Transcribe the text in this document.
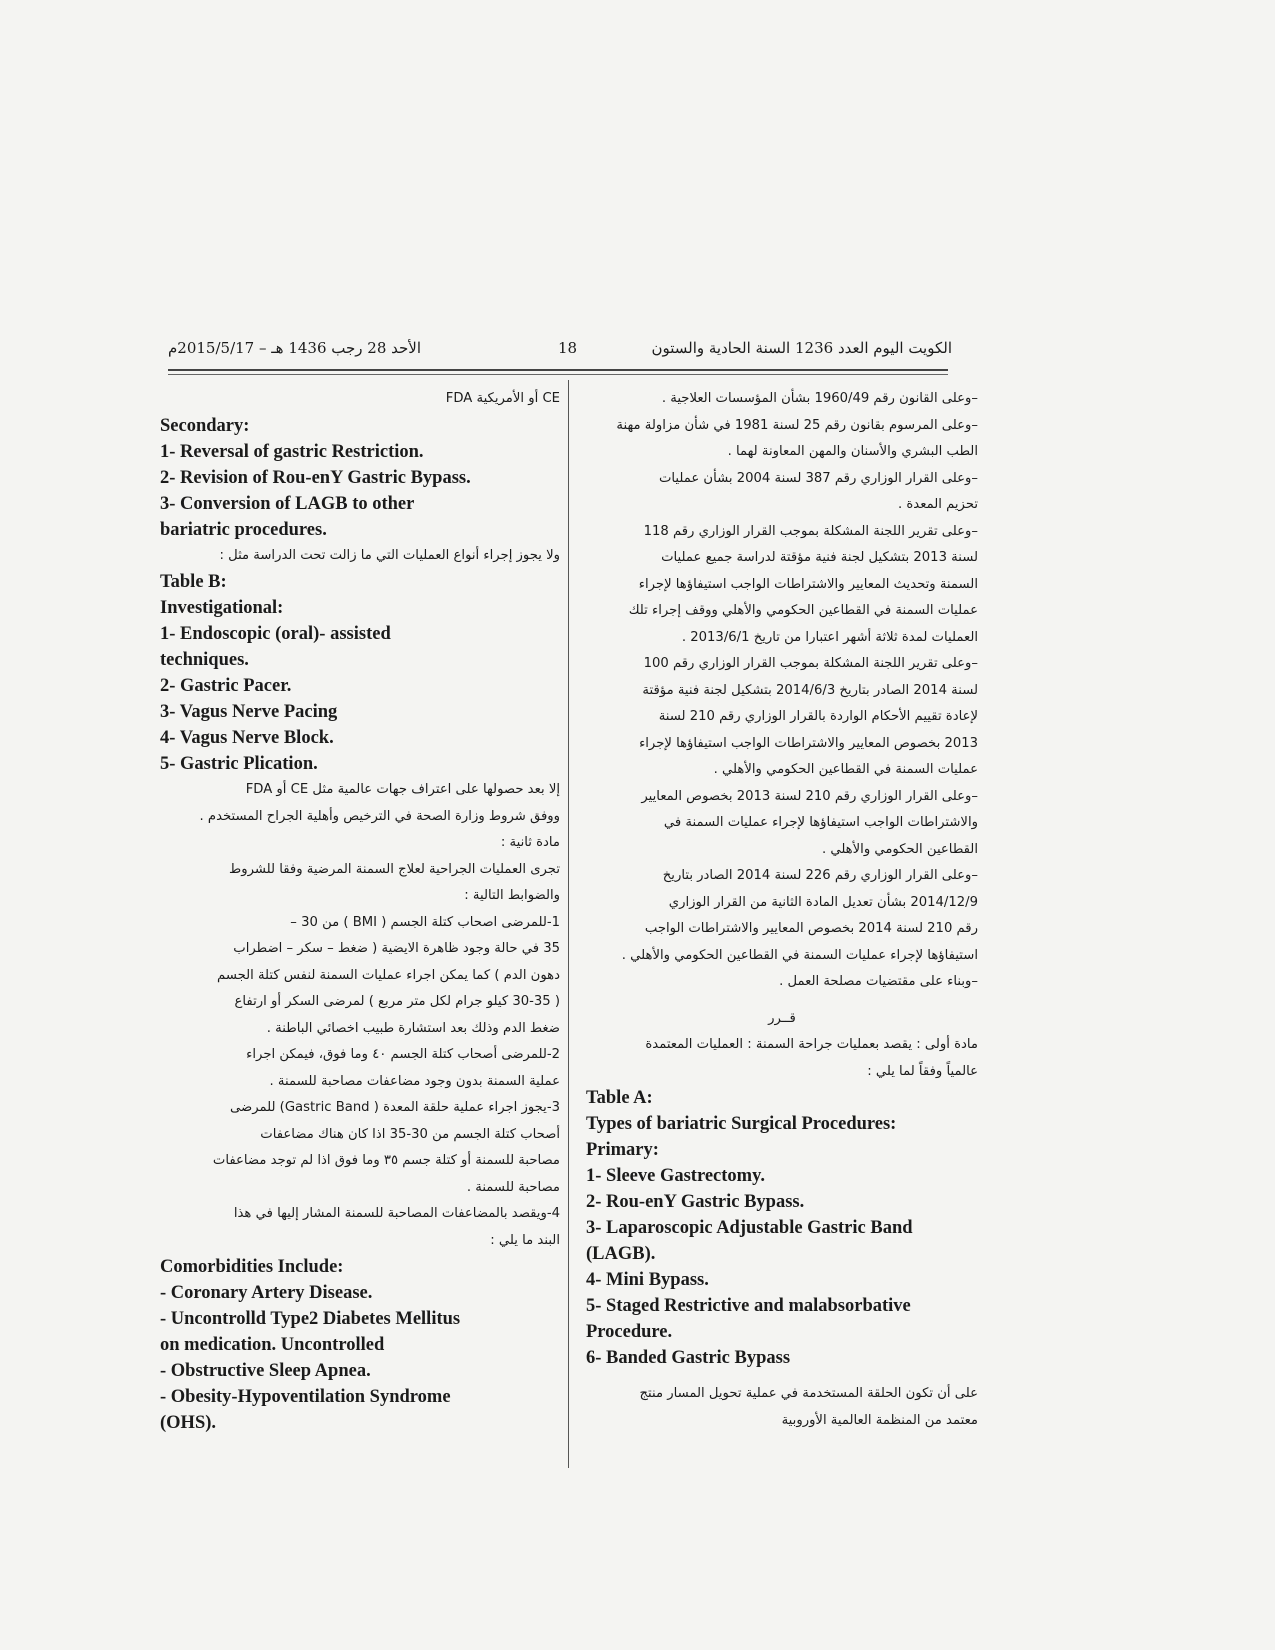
الأحد 28 رجب 1436 هـ – 2015/5/17م	18	الكويت اليوم العدد 1236 السنة الحادية والستون
CE أو الأمريكية FDA
Secondary:
1- Reversal of gastric Restriction.
2- Revision of Rou-enY Gastric Bypass.
3- Conversion of LAGB to other
bariatric procedures.
ولا يجوز إجراء أنواع العمليات التي ما زالت تحت الدراسة مثل :
Table B:
Investigational:
1- Endoscopic (oral)- assisted
techniques.
2- Gastric Pacer.
3- Vagus Nerve Pacing
4- Vagus Nerve Block.
5- Gastric Plication.
إلا بعد حصولها على اعتراف جهات عالمية مثل CE أو FDA
ووفق شروط وزارة الصحة في الترخيص وأهلية الجراح المستخدم .
مادة ثانية :
تجرى العمليات الجراحية لعلاج السمنة المرضية وفقا للشروط
والضوابط التالية :
1-للمرضى اصحاب كتلة الجسم ( BMI ) من 30 –
35 في حالة وجود ظاهرة الايضية ( ضغط – سكر – اضطراب
دهون الدم ) كما يمكن اجراء عمليات السمنة لنفس كتلة الجسم
( 30-35 كيلو جرام لكل متر مربع ) لمرضى السكر أو ارتفاع
ضغط الدم وذلك بعد استشارة طبيب اخصائي الباطنة .
2-للمرضى أصحاب كتلة الجسم ٤٠ وما فوق، فيمكن اجراء
عملية السمنة بدون وجود مضاعفات مصاحبة للسمنة .
3-يجوز اجراء عملية حلقة المعدة ( Gastric Band) للمرضى
أصحاب كتلة الجسم من 30-35 اذا كان هناك مضاعفات
مصاحبة للسمنة أو كتلة جسم ٣٥ وما فوق اذا لم توجد مضاعفات
مصاحبة للسمنة .
4-ويقصد بالمضاعفات المصاحبة للسمنة المشار إليها في هذا
البند ما يلي :
Comorbidities Include:
- Coronary Artery Disease.
- Uncontrolld Type2 Diabetes Mellitus
on medication. Uncontrolled
- Obstructive Sleep Apnea.
- Obesity-Hypoventilation Syndrome
(OHS).
–وعلى القانون رقم 1960/49 بشأن المؤسسات العلاجية .
–وعلى المرسوم بقانون رقم 25 لسنة 1981 في شأن مزاولة مهنة
الطب البشري والأسنان والمهن المعاونة لهما .
–وعلى القرار الوزاري رقم 387 لسنة 2004 بشأن عمليات
تحزيم المعدة .
–وعلى تقرير اللجنة المشكلة بموجب القرار الوزاري رقم 118
لسنة 2013 بتشكيل لجنة فنية مؤقتة لدراسة جميع عمليات
السمنة وتحديث المعايير والاشتراطات الواجب استيفاؤها لإجراء
عمليات السمنة في القطاعين الحكومي والأهلي ووقف إجراء تلك
العمليات لمدة ثلاثة أشهر اعتبارا من تاريخ 2013/6/1 .
–وعلى تقرير اللجنة المشكلة بموجب القرار الوزاري رقم 100
لسنة 2014 الصادر بتاريخ 2014/6/3 بتشكيل لجنة فنية مؤقتة
لإعادة تقييم الأحكام الواردة بالقرار الوزاري رقم 210 لسنة
2013 بخصوص المعايير والاشتراطات الواجب استيفاؤها لإجراء
عمليات السمنة في القطاعين الحكومي والأهلي .
–وعلى القرار الوزاري رقم 210 لسنة 2013 بخصوص المعايير
والاشتراطات الواجب استيفاؤها لإجراء عمليات السمنة في
القطاعين الحكومي والأهلي .
–وعلى القرار الوزاري رقم 226 لسنة 2014 الصادر بتاريخ
2014/12/9 بشأن تعديل المادة الثانية من القرار الوزاري
رقم 210 لسنة 2014 بخصوص المعايير والاشتراطات الواجب
استيفاؤها لإجراء عمليات السمنة في القطاعين الحكومي والأهلي .
–وبناء على مقتضيات مصلحة العمل .
قــرر
مادة أولى : يقصد بعمليات جراحة السمنة : العمليات المعتمدة
عالمياً وفقاً لما يلي :
Table A:
Types of bariatric Surgical Procedures:
Primary:
1- Sleeve Gastrectomy.
2- Rou-enY Gastric Bypass.
3- Laparoscopic Adjustable Gastric Band
(LAGB).
4- Mini Bypass.
5- Staged Restrictive and malabsorbative
Procedure.
6- Banded Gastric Bypass
على أن تكون الحلقة المستخدمة في عملية تحويل المسار منتج
معتمد من المنظمة العالمية الأوروبية
